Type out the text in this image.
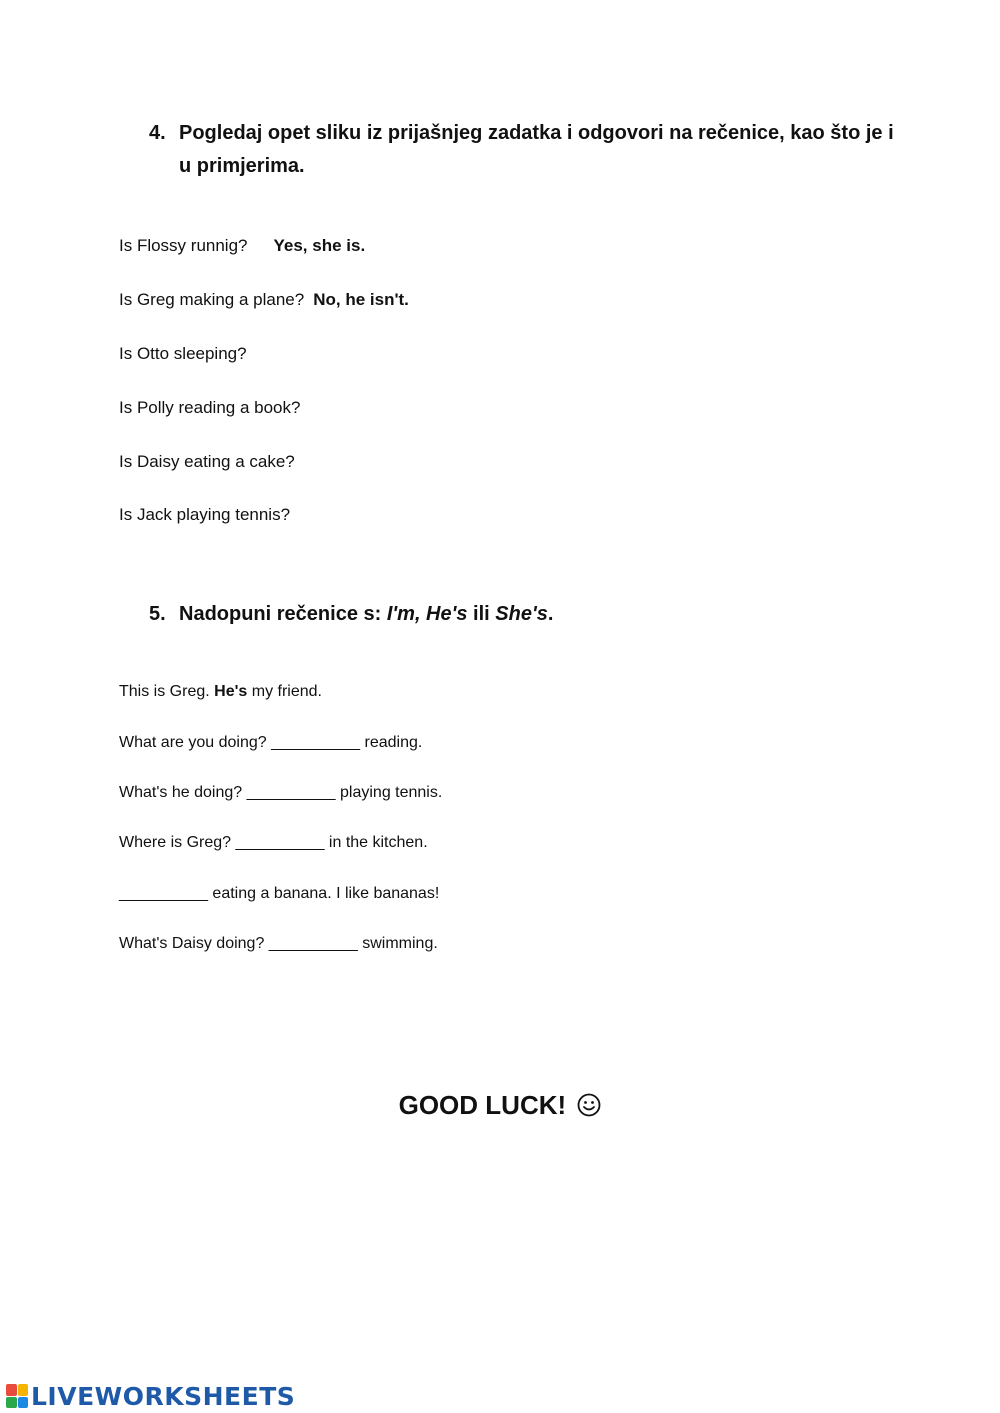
4. Pogledaj opet sliku iz prijašnjeg zadatka i odgovori na rečenice, kao što je i u primjerima.
Is Flossy runnig? Yes, she is.
Is Greg making a plane? No, he isn't.
Is Otto sleeping?
Is Polly reading a book?
Is Daisy eating a cake?
Is Jack playing tennis?
5. Nadopuni rečenice s: I'm, He's ili She's.
This is Greg. He's my friend.
What are you doing? __________ reading.
What's he doing? __________ playing tennis.
Where is Greg? __________ in the kitchen.
__________ eating a banana. I like bananas!
What's Daisy doing? __________ swimming.
GOOD LUCK!
LIVEWORKSHEETS
